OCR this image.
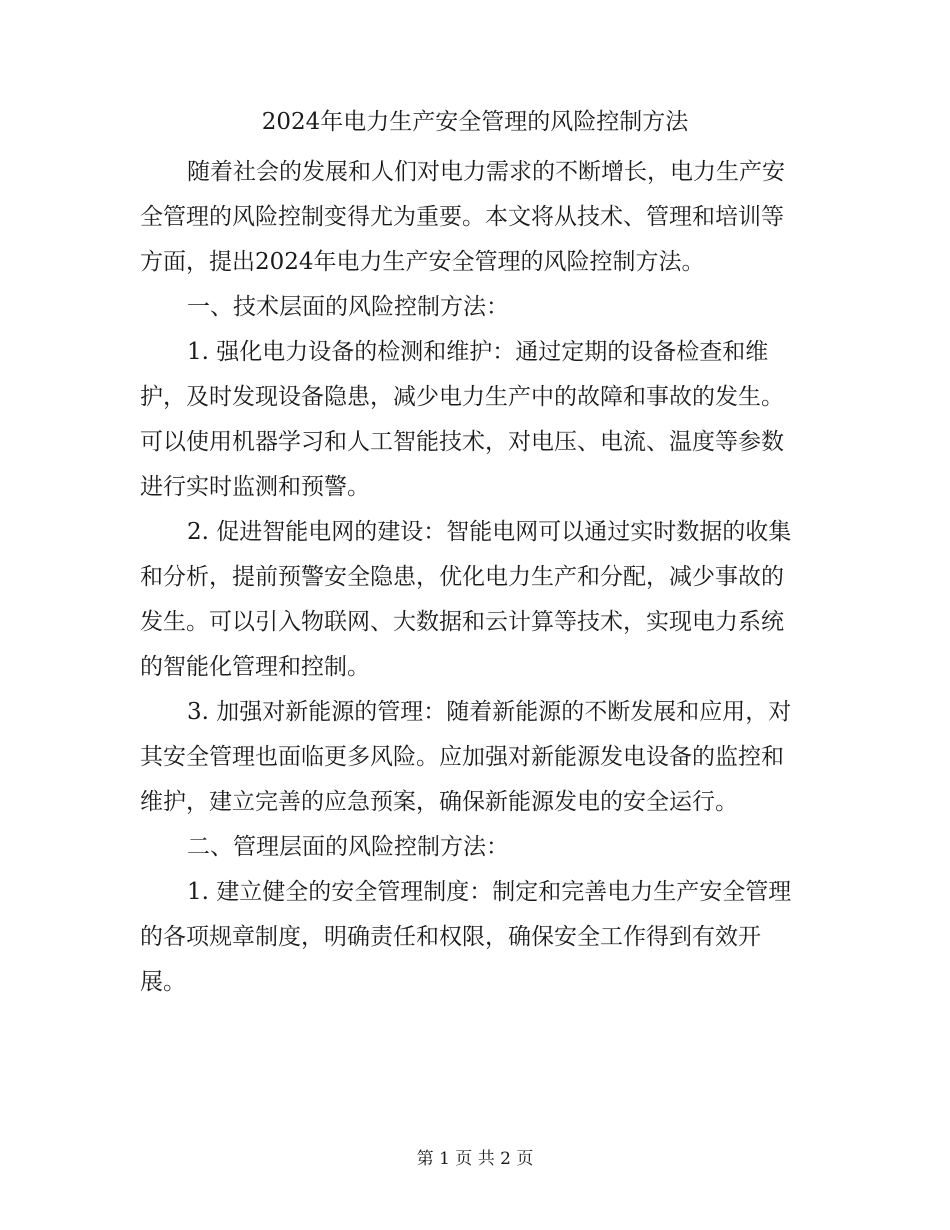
2024年电力生产安全管理的风险控制方法
随着社会的发展和人们对电力需求的不断增长，电力生产安
全管理的风险控制变得尤为重要。本文将从技术、管理和培训等
方面，提出2024年电力生产安全管理的风险控制方法。
一、技术层面的风险控制方法：
1. 强化电力设备的检测和维护：通过定期的设备检查和维
护，及时发现设备隐患，减少电力生产中的故障和事故的发生。
可以使用机器学习和人工智能技术，对电压、电流、温度等参数
进行实时监测和预警。
2. 促进智能电网的建设：智能电网可以通过实时数据的收集
和分析，提前预警安全隐患，优化电力生产和分配，减少事故的
发生。可以引入物联网、大数据和云计算等技术，实现电力系统
的智能化管理和控制。
3. 加强对新能源的管理：随着新能源的不断发展和应用，对
其安全管理也面临更多风险。应加强对新能源发电设备的监控和
维护，建立完善的应急预案，确保新能源发电的安全运行。
二、管理层面的风险控制方法：
1. 建立健全的安全管理制度：制定和完善电力生产安全管理
的各项规章制度，明确责任和权限，确保安全工作得到有效开
展。
第 1 页 共 2 页
